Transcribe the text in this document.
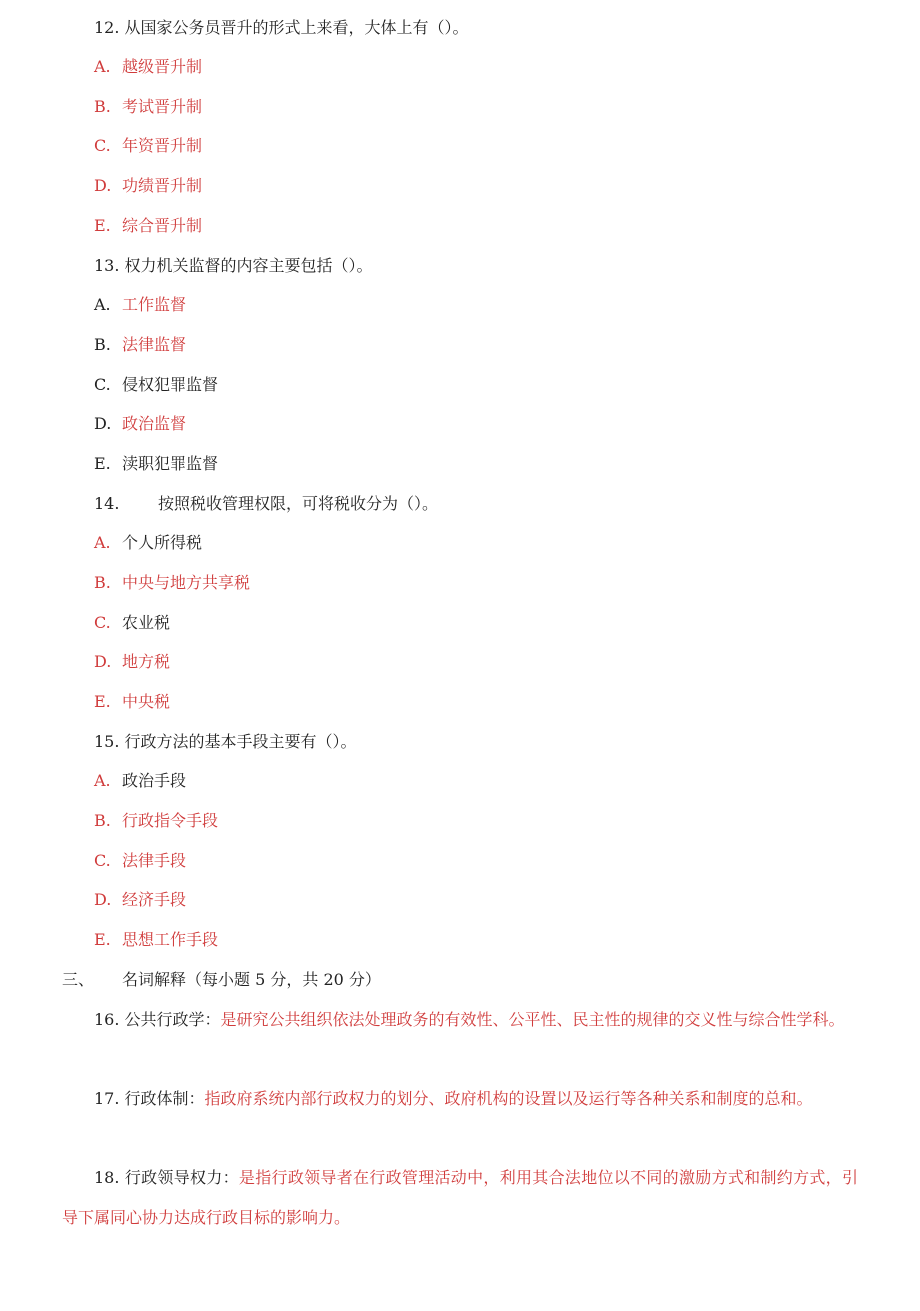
12. 从国家公务员晋升的形式上来看，大体上有（）。
A. 越级晋升制
B. 考试晋升制
C. 年资晋升制
D. 功绩晋升制
E. 综合晋升制
13. 权力机关监督的内容主要包括（）。
A. 工作监督
B. 法律监督
C. 侵权犯罪监督
D. 政治监督
E. 渎职犯罪监督
14. 按照税收管理权限，可将税收分为（）。
A. 个人所得税
B. 中央与地方共享税
C. 农业税
D. 地方税
E. 中央税
15. 行政方法的基本手段主要有（）。
A. 政治手段
B. 行政指令手段
C. 法律手段
D. 经济手段
E. 思想工作手段
三、 名词解释（每小题 5 分，共 20 分）
16. 公共行政学：是研究公共组织依法处理政务的有效性、公平性、民主性的规律的交义性与综合性学科。
17. 行政体制：指政府系统内部行政权力的划分、政府机构的设置以及运行等各种关系和制度的总和。
18. 行政领导权力：是指行政领导者在行政管理活动中，利用其合法地位以不同的激励方式和制约方式，引导下属同心协力达成行政目标的影响力。
